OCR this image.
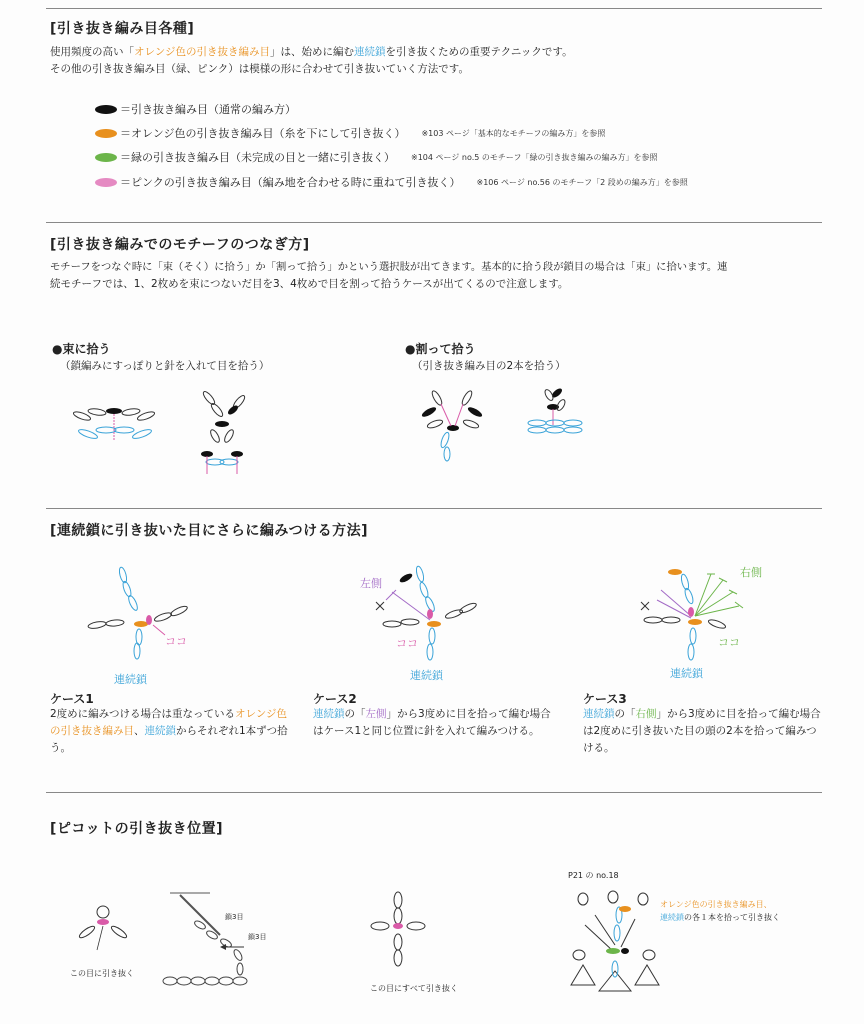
[引き抜き編み目各種]
使用頻度の高い「オレンジ色の引き抜き編み目」は、始めに編む連続鎖を引き抜くための重要テクニックです。
その他の引き抜き編み目（緑、ピンク）は模様の形に合わせて引き抜いていく方法です。
＝引き抜き編み目（通常の編み方）
＝オレンジ色の引き抜き編み目（糸を下にして引き抜く） ※103 ページ「基本的なモチーフの編み方」を参照
＝緑の引き抜き編み目（未完成の目と一緒に引き抜く） ※104 ページ no.5 のモチーフ「緑の引き抜き編みの編み方」を参照
＝ピンクの引き抜き編み目（編み地を合わせる時に重ねて引き抜く） ※106 ページ no.56 のモチーフ「2 段めの編み方」を参照
[引き抜き編みでのモチーフのつなぎ方]
モチーフをつなぐ時に「束（そく）に拾う」か「割って拾う」かという選択肢が出てきます。基本的に拾う段が鎖目の場合は「束」に拾います。連
続モチーフでは、1、2枚めを束につないだ目を3、4枚めで目を割って拾うケースが出てくるので注意します。
●束に拾う
（鎖編みにすっぽりと針を入れて目を拾う）
●割って拾う
（引き抜き編み目の2本を拾う）
[連続鎖に引き抜いた目にさらに編みつける方法]
ココ
連続鎖
左側
ココ
連続鎖
右側
ココ
連続鎖
ケース1
2度めに編みつける場合は重なっているオレンジ色の引き抜き編み目、連続鎖からそれぞれ1本ずつ拾う。
ケース2
連続鎖の「左側」から3度めに目を拾って編む場合はケース1と同じ位置に針を入れて編みつける。
ケース3
連続鎖の「右側」から3度めに目を拾って編む場合は2度めに引き抜いた目の頭の2本を拾って編みつける。
[ピコットの引き抜き位置]
この目に引き抜く
鎖3目
鎖3目
この目にすべて引き抜く
P21 の no.18
オレンジ色の引き抜き編み目、
連続鎖の各１本を拾って引き抜く
